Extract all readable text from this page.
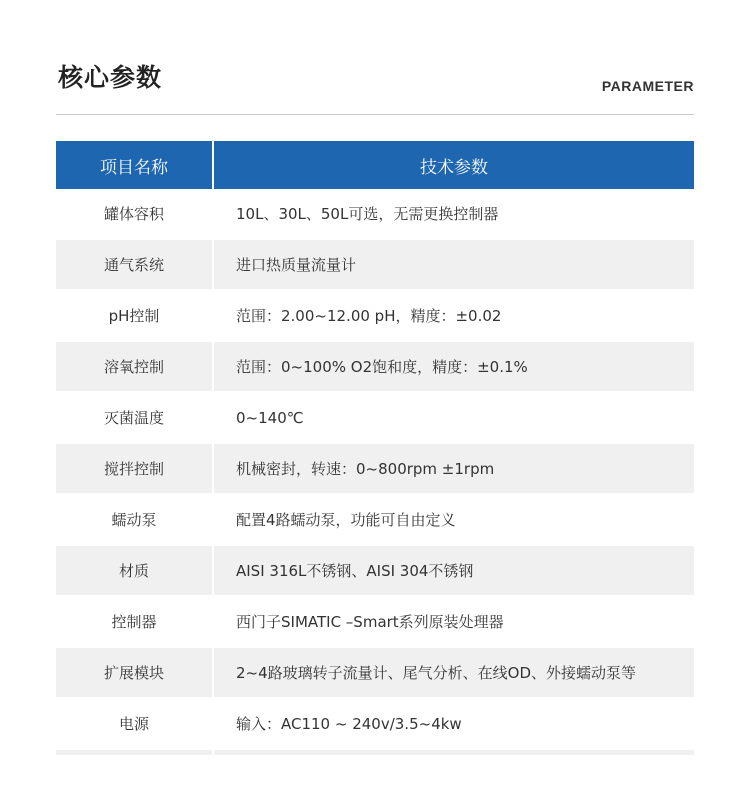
核心参数	PARAMETER
项目名称	技术参数
罐体容积	10L、30L、50L可选，无需更换控制器
通气系统	进口热质量流量计
pH控制	范围：2.00~12.00 pH，精度：±0.02
溶氧控制	范围：0~100% O2饱和度，精度：±0.1%
灭菌温度	0~140℃
搅拌控制	机械密封，转速：0~800rpm ±1rpm
蠕动泵	配置4路蠕动泵，功能可自由定义
材质	AISI 316L不锈钢、AISI 304不锈钢
控制器	西门子SIMATIC –Smart系列原装处理器
扩展模块	2~4路玻璃转子流量计、尾气分析、在线OD、外接蠕动泵等
电源	输入：AC110 ~ 240v/3.5~4kw
